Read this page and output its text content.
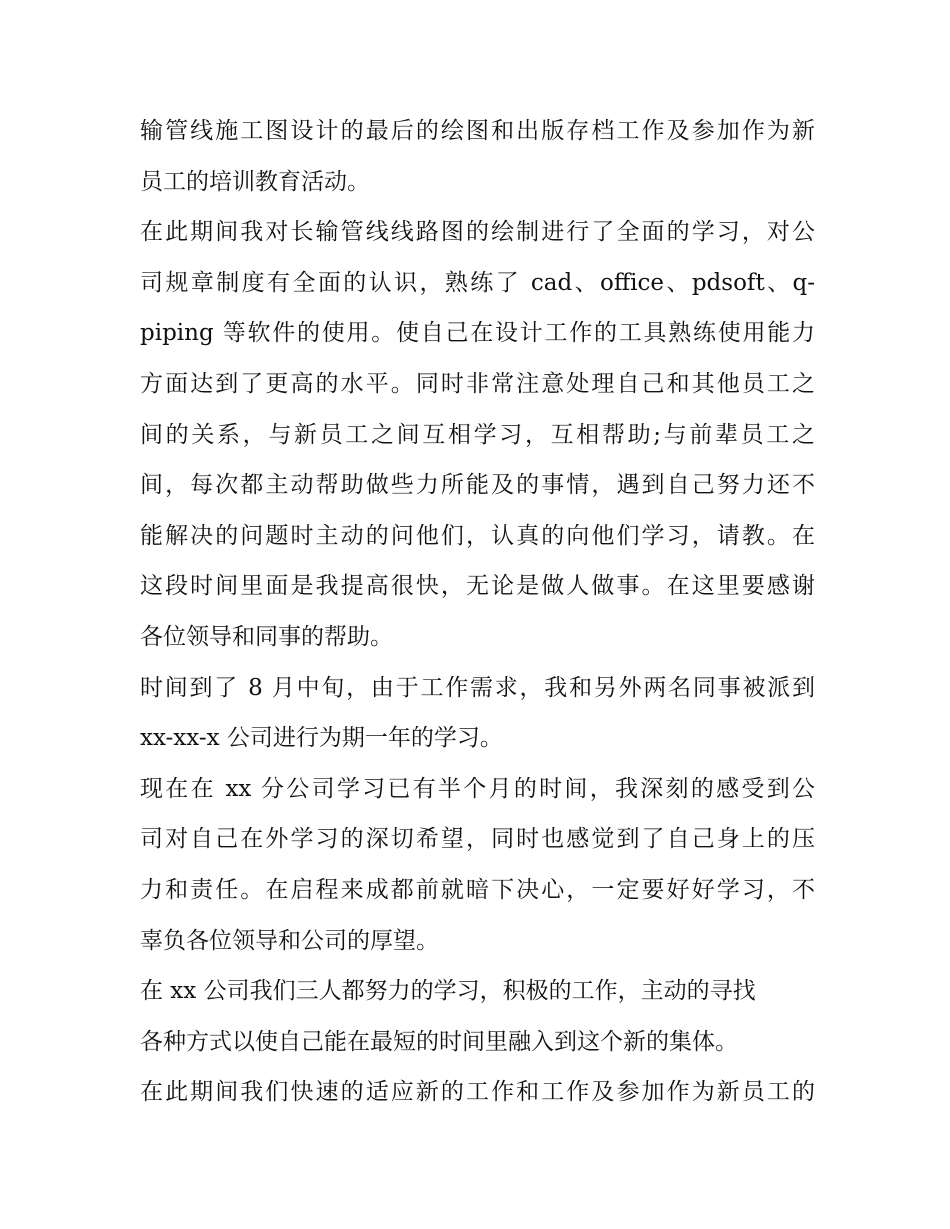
输管线施工图设计的最后的绘图和出版存档工作及参加作为新
员工的培训教育活动。
在此期间我对长输管线线路图的绘制进行了全面的学习，对公
司规章制度有全面的认识，熟练了 cad、office、pdsoft、q-
piping 等软件的使用。使自己在设计工作的工具熟练使用能力
方面达到了更高的水平。同时非常注意处理自己和其他员工之
间的关系，与新员工之间互相学习，互相帮助;与前辈员工之
间，每次都主动帮助做些力所能及的事情，遇到自己努力还不
能解决的问题时主动的问他们，认真的向他们学习，请教。在
这段时间里面是我提高很快，无论是做人做事。在这里要感谢
各位领导和同事的帮助。
时间到了 8 月中旬，由于工作需求，我和另外两名同事被派到
xx-xx-x 公司进行为期一年的学习。
现在在 xx 分公司学习已有半个月的时间，我深刻的感受到公
司对自己在外学习的深切希望，同时也感觉到了自己身上的压
力和责任。在启程来成都前就暗下决心，一定要好好学习，不
辜负各位领导和公司的厚望。
在 xx 公司我们三人都努力的学习，积极的工作，主动的寻找
各种方式以使自己能在最短的时间里融入到这个新的集体。
在此期间我们快速的适应新的工作和工作及参加作为新员工的
